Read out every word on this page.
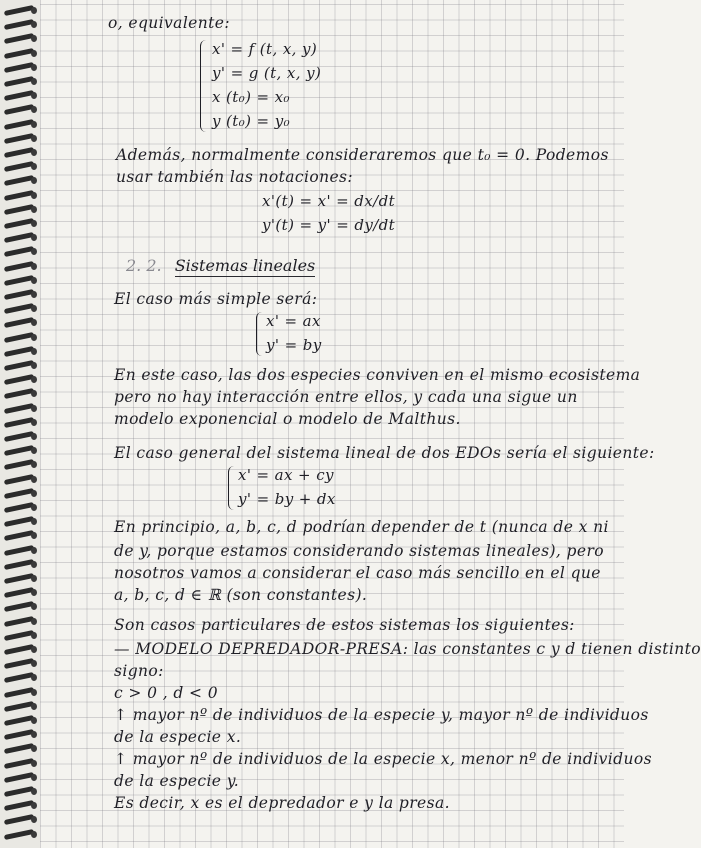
o, equivalente:
x' = f (t, x, y)
y' = g (t, x, y)
x (t₀) = x₀
y (t₀) = y₀
Además, normalmente consideraremos que t₀ = 0. Podemos
usar también las notaciones:
x'(t) = x' = dx/dt
y'(t) = y' = dy/dt
2. 2. Sistemas lineales
El caso más simple será:
x' = ax
y' = by
En este caso, las dos especies conviven en el mismo ecosistema
pero no hay interacción entre ellos, y cada una sigue un
modelo exponencial o modelo de Malthus.
El caso general del sistema lineal de dos EDOs sería el siguiente:
x' = ax + cy
y' = by + dx
En principio, a, b, c, d podrían depender de t (nunca de x ni
de y, porque estamos considerando sistemas lineales), pero
nosotros vamos a considerar el caso más sencillo en el que
a, b, c, d ∈ ℝ (son constantes).
Son casos particulares de estos sistemas los siguientes:
— MODELO DEPREDADOR-PRESA: las constantes c y d tienen distinto
signo:
c > 0 , d < 0
↑ mayor nº de individuos de la especie y, mayor nº de individuos
de la especie x.
↑ mayor nº de individuos de la especie x, menor nº de individuos
de la especie y.
Es decir, x es el depredador e y la presa.
